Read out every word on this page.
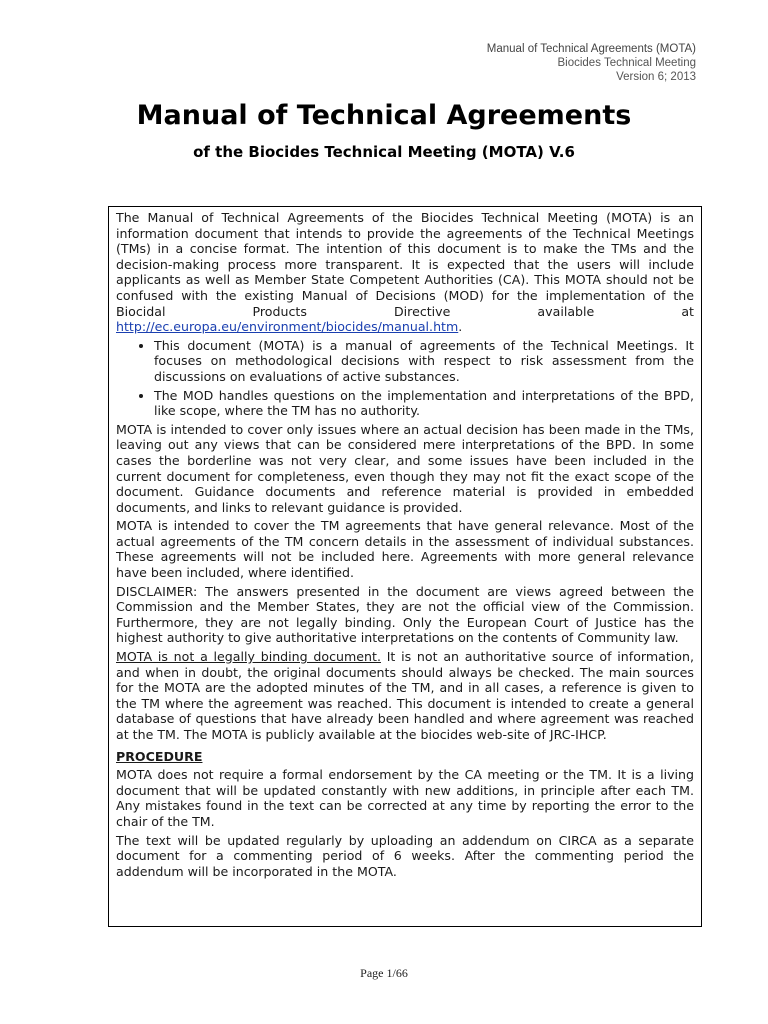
Manual of Technical Agreements (MOTA)
Biocides Technical Meeting
Version 6; 2013
Manual of Technical Agreements
of the Biocides Technical Meeting (MOTA) V.6

The Manual of Technical Agreements of the Biocides Technical Meeting (MOTA) is an information document that intends to provide the agreements of the Technical Meetings (TMs) in a concise format. The intention of this document is to make the TMs and the decision-making process more transparent. It is expected that the users will include applicants as well as Member State Competent Authorities (CA). This MOTA should not be confused with the existing Manual of Decisions (MOD) for the implementation of the Biocidal Products Directive available at http://ec.europa.eu/environment/biocides/manual.htm.

• This document (MOTA) is a manual of agreements of the Technical Meetings. It focuses on methodological decisions with respect to risk assessment from the discussions on evaluations of active substances.
• The MOD handles questions on the implementation and interpretations of the BPD, like scope, where the TM has no authority.

MOTA is intended to cover only issues where an actual decision has been made in the TMs, leaving out any views that can be considered mere interpretations of the BPD. In some cases the borderline was not very clear, and some issues have been included in the current document for completeness, even though they may not fit the exact scope of the document. Guidance documents and reference material is provided in embedded documents, and links to relevant guidance is provided.

MOTA is intended to cover the TM agreements that have general relevance. Most of the actual agreements of the TM concern details in the assessment of individual substances. These agreements will not be included here. Agreements with more general relevance have been included, where identified.

DISCLAIMER: The answers presented in the document are views agreed between the Commission and the Member States, they are not the official view of the Commission. Furthermore, they are not legally binding. Only the European Court of Justice has the highest authority to give authoritative interpretations on the contents of Community law.

MOTA is not a legally binding document. It is not an authoritative source of information, and when in doubt, the original documents should always be checked. The main sources for the MOTA are the adopted minutes of the TM, and in all cases, a reference is given to the TM where the agreement was reached. This document is intended to create a general database of questions that have already been handled and where agreement was reached at the TM. The MOTA is publicly available at the biocides web-site of JRC-IHCP.

PROCEDURE

MOTA does not require a formal endorsement by the CA meeting or the TM. It is a living document that will be updated constantly with new additions, in principle after each TM. Any mistakes found in the text can be corrected at any time by reporting the error to the chair of the TM.

The text will be updated regularly by uploading an addendum on CIRCA as a separate document for a commenting period of 6 weeks. After the commenting period the addendum will be incorporated in the MOTA.

Page 1/66
